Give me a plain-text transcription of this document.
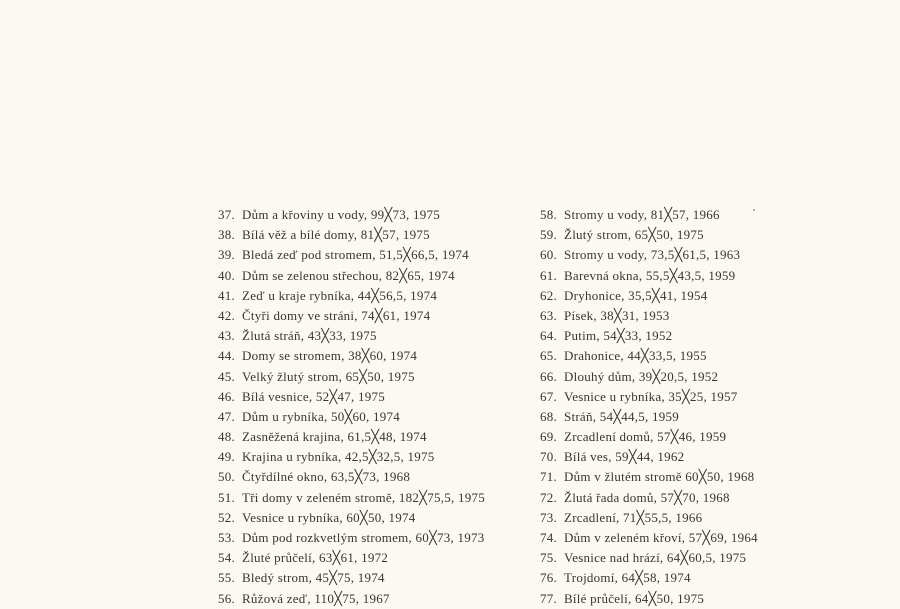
37. Dům a křoviny u vody, 99╳73, 1975
38. Bílá věž a bílé domy, 81╳57, 1975
39. Bledá zeď pod stromem, 51,5╳66,5, 1974
40. Dům se zelenou střechou, 82╳65, 1974
41. Zeď u kraje rybníka, 44╳56,5, 1974
42. Čtyři domy ve stráni, 74╳61, 1974
43. Žlutá stráň, 43╳33, 1975
44. Domy se stromem, 38╳60, 1974
45. Velký žlutý strom, 65╳50, 1975
46. Bílá vesnice, 52╳47, 1975
47. Dům u rybníka, 50╳60, 1974
48. Zasněžená krajina, 61,5╳48, 1974
49. Krajina u rybníka, 42,5╳32,5, 1975
50. Čtyřdílné okno, 63,5╳73, 1968
51. Tři domy v zeleném stromě, 182╳75,5, 1975
52. Vesnice u rybníka, 60╳50, 1974
53. Dům pod rozkvetlým stromem, 60╳73, 1973
54. Žluté průčelí, 63╳61, 1972
55. Bledý strom, 45╳75, 1974
56. Růžová zeď, 110╳75, 1967
58. Stromy u vody, 81╳57, 1966
59. Žlutý strom, 65╳50, 1975
60. Stromy u vody, 73,5╳61,5, 1963
61. Barevná okna, 55,5╳43,5, 1959
62. Dryhonice, 35,5╳41, 1954
63. Písek, 38╳31, 1953
64. Putim, 54╳33, 1952
65. Drahonice, 44╳33,5, 1955
66. Dlouhý dům, 39╳20,5, 1952
67. Vesnice u rybníka, 35╳25, 1957
68. Stráň, 54╳44,5, 1959
69. Zrcadlení domů, 57╳46, 1959
70. Bílá ves, 59╳44, 1962
71. Dům v žlutém stromě 60╳50, 1968
72. Žlutá řada domů, 57╳70, 1968
73. Zrcadlení, 71╳55,5, 1966
74. Dům v zeleném křoví, 57╳69, 1964
75. Vesnice nad hrází, 64╳60,5, 1975
76. Trojdomí, 64╳58, 1974
77. Bílé průčelí, 64╳50, 1975
